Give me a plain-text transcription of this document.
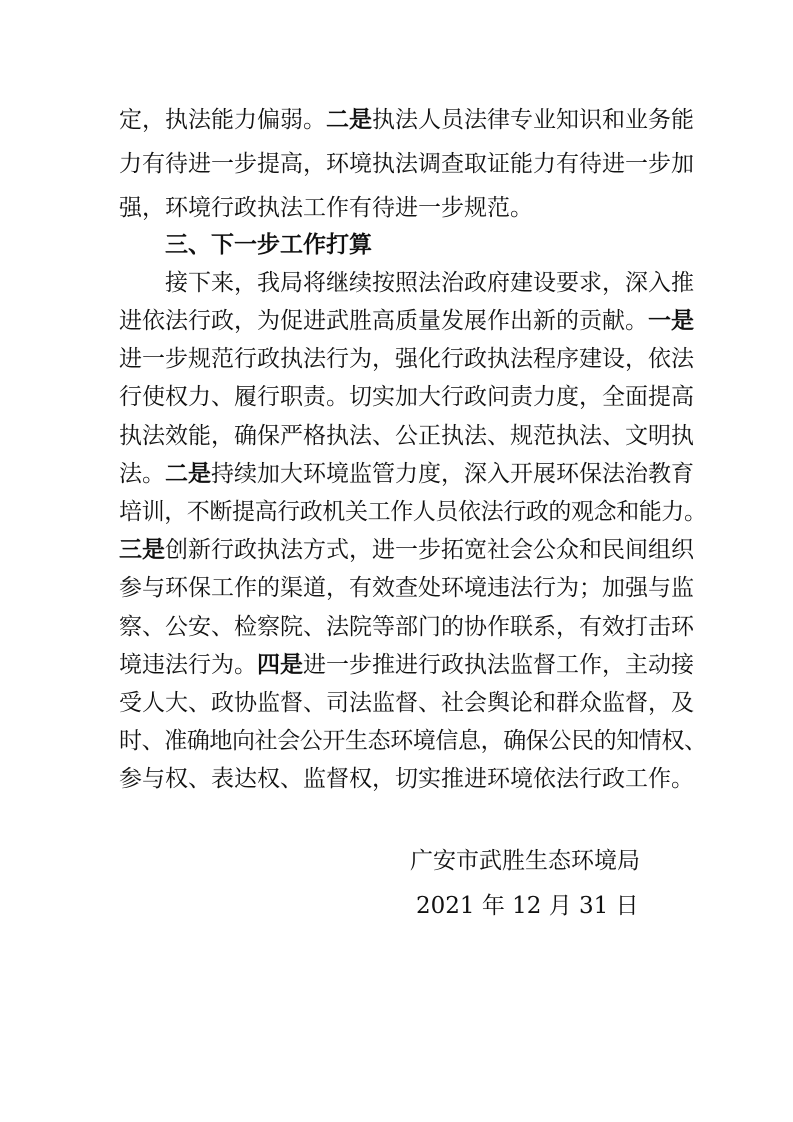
定，执法能力偏弱。二是执法人员法律专业知识和业务能
力有待进一步提高，环境执法调查取证能力有待进一步加
强，环境行政执法工作有待进一步规范。
三、下一步工作打算
接下来，我局将继续按照法治政府建设要求，深入推
进依法行政，为促进武胜高质量发展作出新的贡献。一是
进一步规范行政执法行为，强化行政执法程序建设，依法
行使权力、履行职责。切实加大行政问责力度，全面提高
执法效能，确保严格执法、公正执法、规范执法、文明执
法。二是持续加大环境监管力度，深入开展环保法治教育
培训，不断提高行政机关工作人员依法行政的观念和能力。
三是创新行政执法方式，进一步拓宽社会公众和民间组织
参与环保工作的渠道，有效查处环境违法行为；加强与监
察、公安、检察院、法院等部门的协作联系，有效打击环
境违法行为。四是进一步推进行政执法监督工作，主动接
受人大、政协监督、司法监督、社会舆论和群众监督，及
时、准确地向社会公开生态环境信息，确保公民的知情权、
参与权、表达权、监督权，切实推进环境依法行政工作。
广安市武胜生态环境局
2021 年 12 月 31 日
